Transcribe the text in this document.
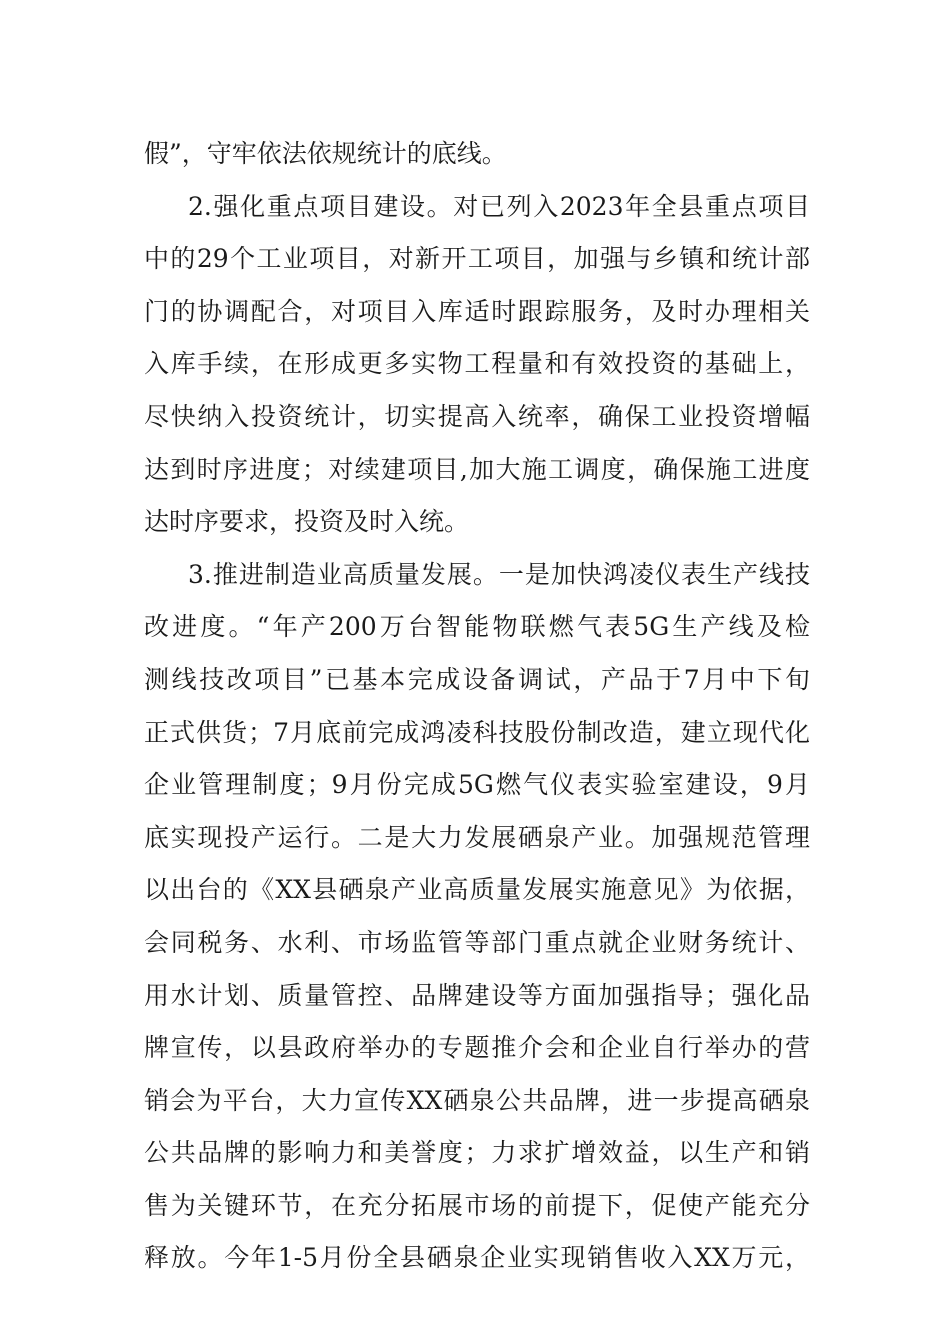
假”，守牢依法依规统计的底线。
2.强化重点项目建设。对已列入2023年全县重点项目
中的29个工业项目，对新开工项目，加强与乡镇和统计部
门的协调配合，对项目入库适时跟踪服务，及时办理相关
入库手续，在形成更多实物工程量和有效投资的基础上，
尽快纳入投资统计，切实提高入统率，确保工业投资增幅
达到时序进度；对续建项目,加大施工调度，确保施工进度
达时序要求，投资及时入统。
3.推进制造业高质量发展。一是加快鸿凌仪表生产线技
改进度。“年产200万台智能物联燃气表5G生产线及检
测线技改项目”已基本完成设备调试，产品于7月中下旬
正式供货；7月底前完成鸿凌科技股份制改造，建立现代化
企业管理制度；9月份完成5G燃气仪表实验室建设，9月
底实现投产运行。二是大力发展硒泉产业。加强规范管理
以出台的《XX县硒泉产业高质量发展实施意见》为依据，
会同税务、水利、市场监管等部门重点就企业财务统计、
用水计划、质量管控、品牌建设等方面加强指导；强化品
牌宣传，以县政府举办的专题推介会和企业自行举办的营
销会为平台，大力宣传XX硒泉公共品牌，进一步提高硒泉
公共品牌的影响力和美誉度；力求扩增效益，以生产和销
售为关键环节，在充分拓展市场的前提下，促使产能充分
释放。今年1-5月份全县硒泉企业实现销售收入XX万元，
